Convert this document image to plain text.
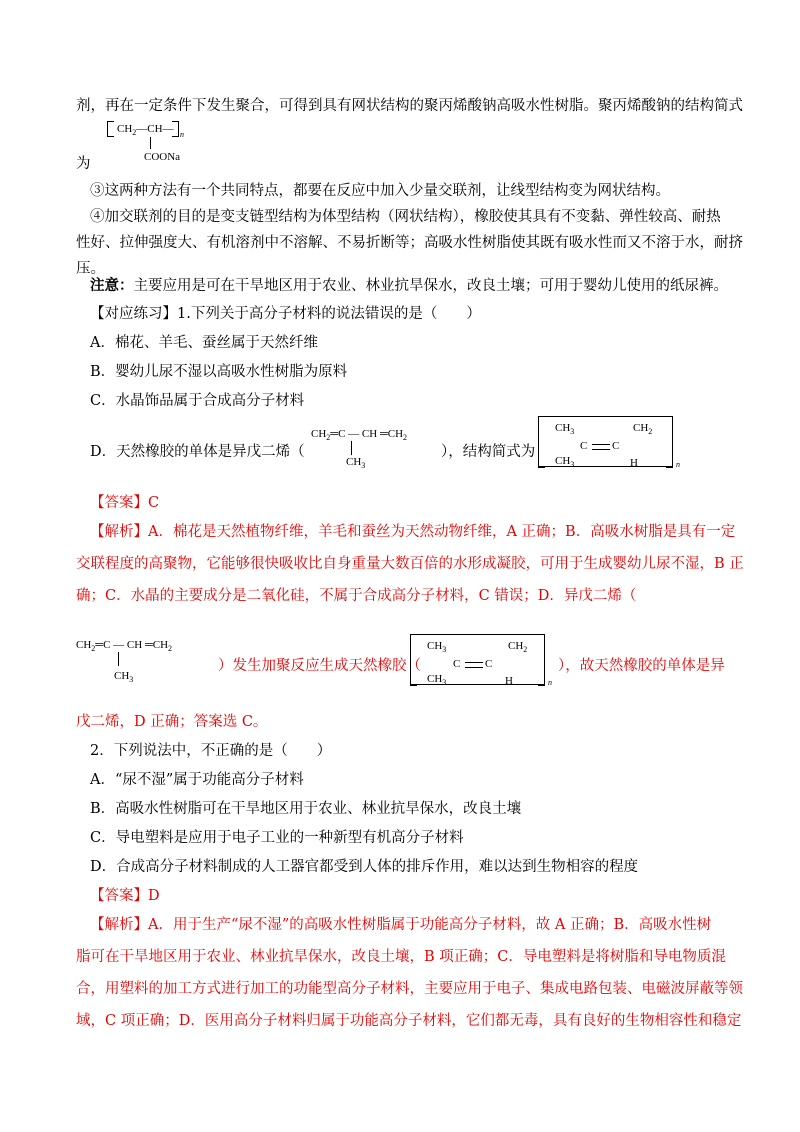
剂，再在一定条件下发生聚合，可得到具有网状结构的聚丙烯酸钠高吸水性树脂。聚丙烯酸钠的结构简式
$CH_2—CH—$ n
COONa
为
③这两种方法有一个共同特点，都要在反应中加入少量交联剂，让线型结构变为网状结构。
④加交联剂的目的是变支链型结构为体型结构（网状结构），橡胶使其具有不变黏、弹性较高、耐热
性好、拉伸强度大、有机溶剂中不溶解、不易折断等；高吸水性树脂使其既有吸水性而又不溶于水，耐挤
压。
注意：主要应用是可在干旱地区用于农业、林业抗旱保水，改良土壤；可用于婴幼儿使用的纸尿裤。
【对应练习】1.下列关于高分子材料的说法错误的是（　　）
A．棉花、羊毛、蚕丝属于天然纤维
B．婴幼儿尿不湿以高吸水性树脂为原料
C．水晶饰品属于合成高分子材料
D．天然橡胶的单体是异戊二烯（
$CH_2═C$ — CH $═CH_2$
$CH_3$
），结构简式为
$CH_3$
$CH_3$
C C
$CH_2$
H	n
【答案】C
【解析】A．棉花是天然植物纤维，羊毛和蚕丝为天然动物纤维，A 正确；B．高吸水树脂是具有一定
交联程度的高聚物，它能够很快吸收比自身重量大数百倍的水形成凝胶，可用于生成婴幼儿尿不湿，B 正
确；C．水晶的主要成分是二氧化硅，不属于合成高分子材料，C 错误；D．异戊二烯（
$CH_2═C$ — CH $═CH_2$
$CH_3$
）发生加聚反应生成天然橡胶（
$CH_3$
$CH_3$
C C
$CH_2$
H	n
），故天然橡胶的单体是异
戊二烯，D 正确；答案选 C。
2．下列说法中，不正确的是（　　）
A．“尿不湿”属于功能高分子材料
B．高吸水性树脂可在干旱地区用于农业、林业抗旱保水，改良土壤
C．导电塑料是应用于电子工业的一种新型有机高分子材料
D．合成高分子材料制成的人工器官都受到人体的排斥作用，难以达到生物相容的程度
【答案】D
【解析】A．用于生产“尿不湿”的高吸水性树脂属于功能高分子材料，故 A 正确；B．高吸水性树
脂可在干旱地区用于农业、林业抗旱保水，改良土壤，B 项正确；C．导电塑料是将树脂和导电物质混
合，用塑料的加工方式进行加工的功能型高分子材料，主要应用于电子、集成电路包装、电磁波屏蔽等领
域，C 项正确；D．医用高分子材料归属于功能高分子材料，它们都无毒，具有良好的生物相容性和稳定
